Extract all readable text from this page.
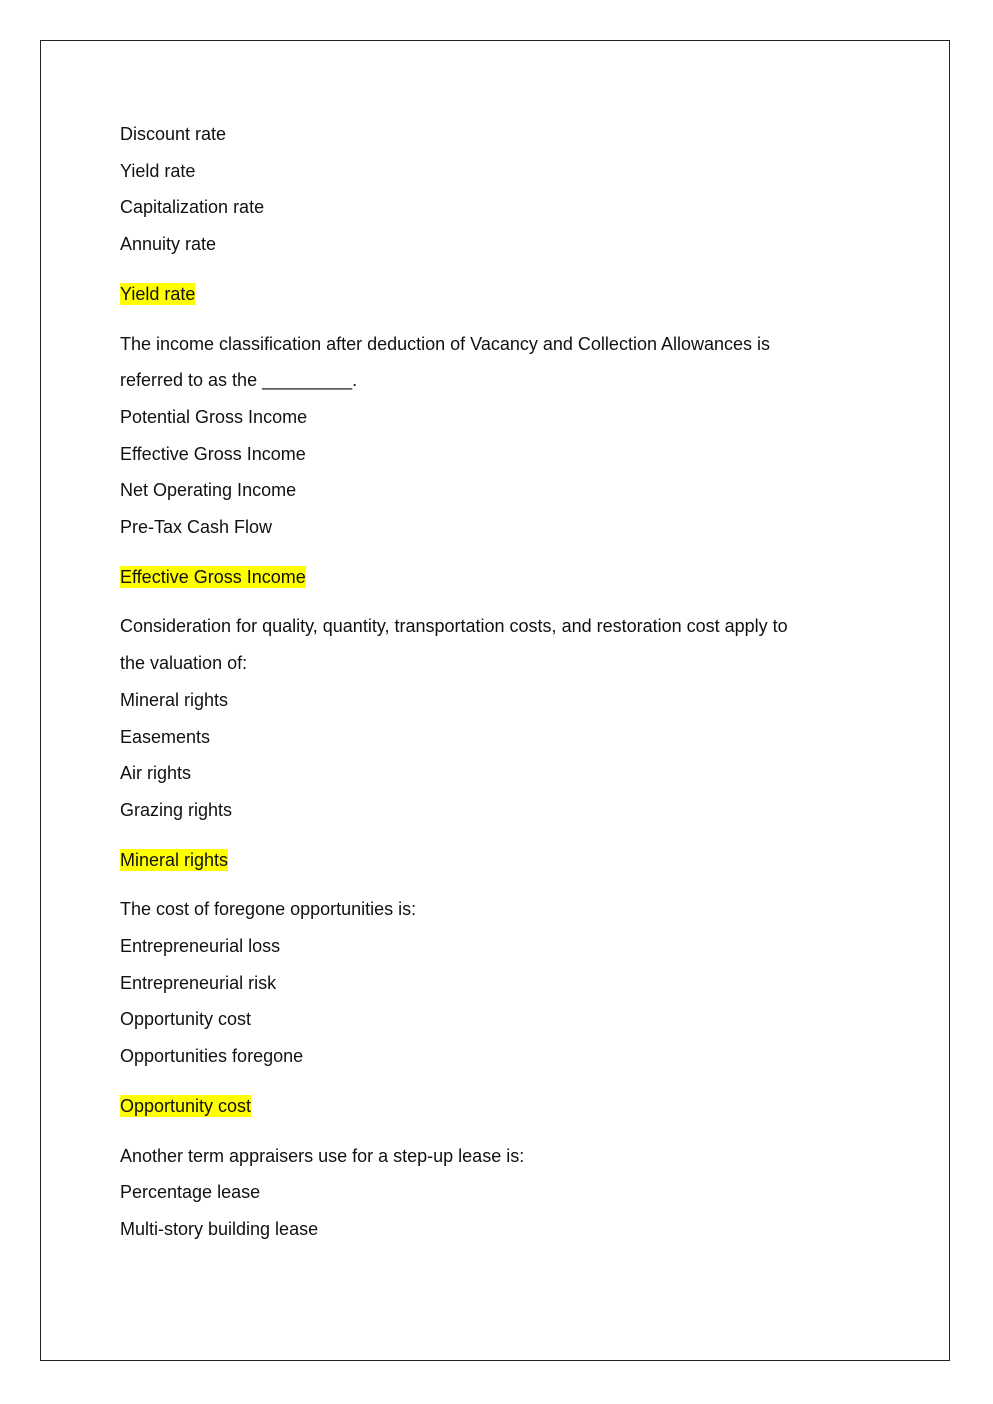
Discount rate
Yield rate
Capitalization rate
Annuity rate
Yield rate
The income classification after deduction of Vacancy and Collection Allowances is
referred to as the _________.
Potential Gross Income
Effective Gross Income
Net Operating Income
Pre-Tax Cash Flow
Effective Gross Income
Consideration for quality, quantity, transportation costs, and restoration cost apply to
the valuation of:
Mineral rights
Easements
Air rights
Grazing rights
Mineral rights
The cost of foregone opportunities is:
Entrepreneurial loss
Entrepreneurial risk
Opportunity cost
Opportunities foregone
Opportunity cost
Another term appraisers use for a step-up lease is:
Percentage lease
Multi-story building lease
